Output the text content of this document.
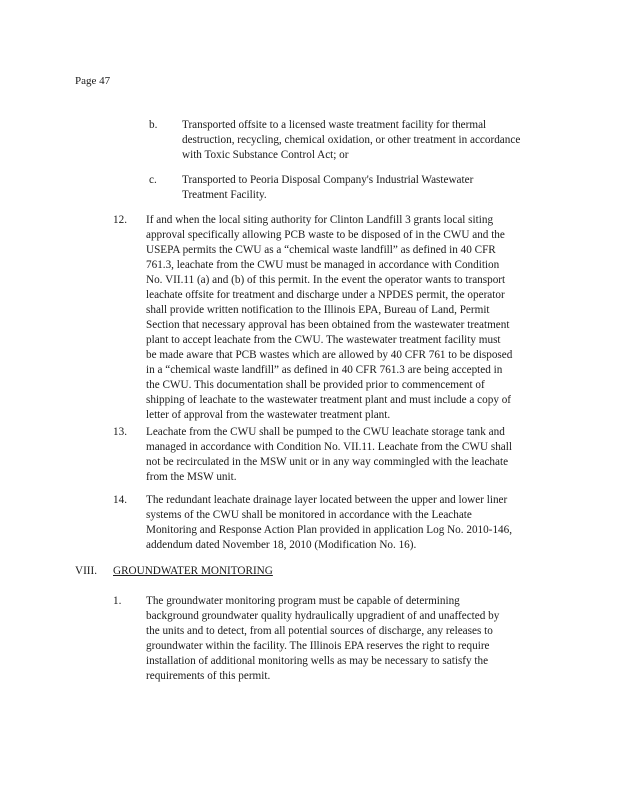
Page 47
b. Transported offsite to a licensed waste treatment facility for thermal

destruction, recycling, chemical oxidation, or other treatment in accordance

with Toxic Substance Control Act; or

c. Transported to Peoria Disposal Company's Industrial Wastewater

Treatment Facility.

12. If and when the local siting authority for Clinton Landfill 3 grants local siting

approval specifically allowing PCB waste to be disposed of in the CWU and the

USEPA permits the CWU as a “chemical waste landfill” as defined in 40 CFR

761.3, leachate from the CWU must be managed in accordance with Condition

No. VII.11 (a) and (b) of this permit. In the event the operator wants to transport

leachate offsite for treatment and discharge under a NPDES permit, the operator

shall provide written notification to the Illinois EPA, Bureau of Land, Permit

Section that necessary approval has been obtained from the wastewater treatment

plant to accept leachate from the CWU. The wastewater treatment facility must

be made aware that PCB wastes which are allowed by 40 CFR 761 to be disposed

in a “chemical waste landfill” as defined in 40 CFR 761.3 are being accepted in

the CWU. This documentation shall be provided prior to commencement of

shipping of leachate to the wastewater treatment plant and must include a copy of

letter of approval from the wastewater treatment plant.

13. Leachate from the CWU shall be pumped to the CWU leachate storage tank and

managed in accordance with Condition No. VII.11. Leachate from the CWU shall

not be recirculated in the MSW unit or in any way commingled with the leachate

from the MSW unit.

14. The redundant leachate drainage layer located between the upper and lower liner

systems of the CWU shall be monitored in accordance with the Leachate

Monitoring and Response Action Plan provided in application Log No. 2010-146,

addendum dated November 18, 2010 (Modification No. 16).

VIII. GROUNDWATER MONITORING
1. The groundwater monitoring program must be capable of determining

background groundwater quality hydraulically upgradient of and unaffected by

the units and to detect, from all potential sources of discharge, any releases to

groundwater within the facility. The Illinois EPA reserves the right to require

installation of additional monitoring wells as may be necessary to satisfy the

requirements of this permit.
